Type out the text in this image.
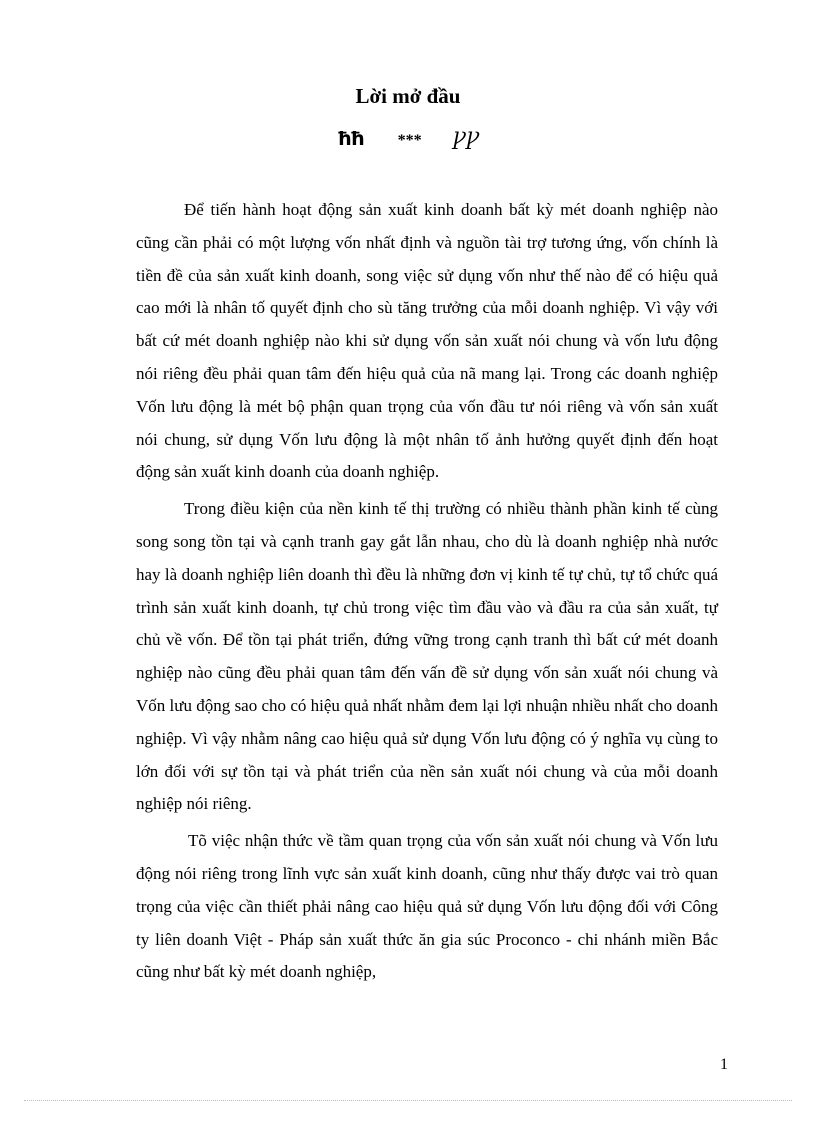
Lời mở đầu
ħħ *** ꝨꝨ

Để tiến hành hoạt động sản xuất kinh doanh bất kỳ mét doanh nghiệp nào cũng cần phải có một lượng vốn nhất định và nguồn tài trợ tương ứng, vốn chính là tiền đề của sản xuất kinh doanh, song việc sử dụng vốn như thế nào để có hiệu quả cao mới là nhân tố quyết định cho sù tăng trưởng của mỗi doanh nghiệp. Vì vậy với bất cứ mét doanh nghiệp nào khi sử dụng vốn sản xuất nói chung và vốn lưu động nói riêng đều phải quan tâm đến hiệu quả của nã mang lại. Trong các doanh nghiệp Vốn lưu động là mét bộ phận quan trọng của vốn đầu tư nói riêng và vốn sản xuất nói chung, sử dụng Vốn lưu động là một nhân tố ảnh hưởng quyết định đến hoạt động sản xuất kinh doanh của doanh nghiệp.

Trong điều kiện của nền kinh tế thị trường có nhiều thành phần kinh tế cùng song song tồn tại và cạnh tranh gay gắt lẫn nhau, cho dù là doanh nghiệp nhà nước hay là doanh nghiệp liên doanh thì đều là những đơn vị kinh tế tự chủ, tự tổ chức quá trình sản xuất kinh doanh, tự chủ trong việc tìm đầu vào và đầu ra của sản xuất, tự chủ về vốn. Để tồn tại phát triển, đứng vững trong cạnh tranh thì bất cứ mét doanh nghiệp nào cũng đều phải quan tâm đến vấn đề sử dụng vốn sản xuất nói chung và Vốn lưu động sao cho có hiệu quả nhất nhằm đem lại lợi nhuận nhiều nhất cho doanh nghiệp. Vì vậy nhằm nâng cao hiệu quả sử dụng Vốn lưu động có ý nghĩa vụ cùng to lớn đối với sự tồn tại và phát triển của nền sản xuất nói chung và của mỗi doanh nghiệp nói riêng.

Tõ việc nhận thức về tầm quan trọng của vốn sản xuất nói chung và Vốn lưu động nói riêng trong lĩnh vực sản xuất kinh doanh, cũng như thấy được vai trò quan trọng của việc cần thiết phải nâng cao hiệu quả sử dụng Vốn lưu động đối với Công ty liên doanh Việt - Pháp sản xuất thức ăn gia súc Proconco - chi nhánh miền Bắc cũng như bất kỳ mét doanh nghiệp,

1
